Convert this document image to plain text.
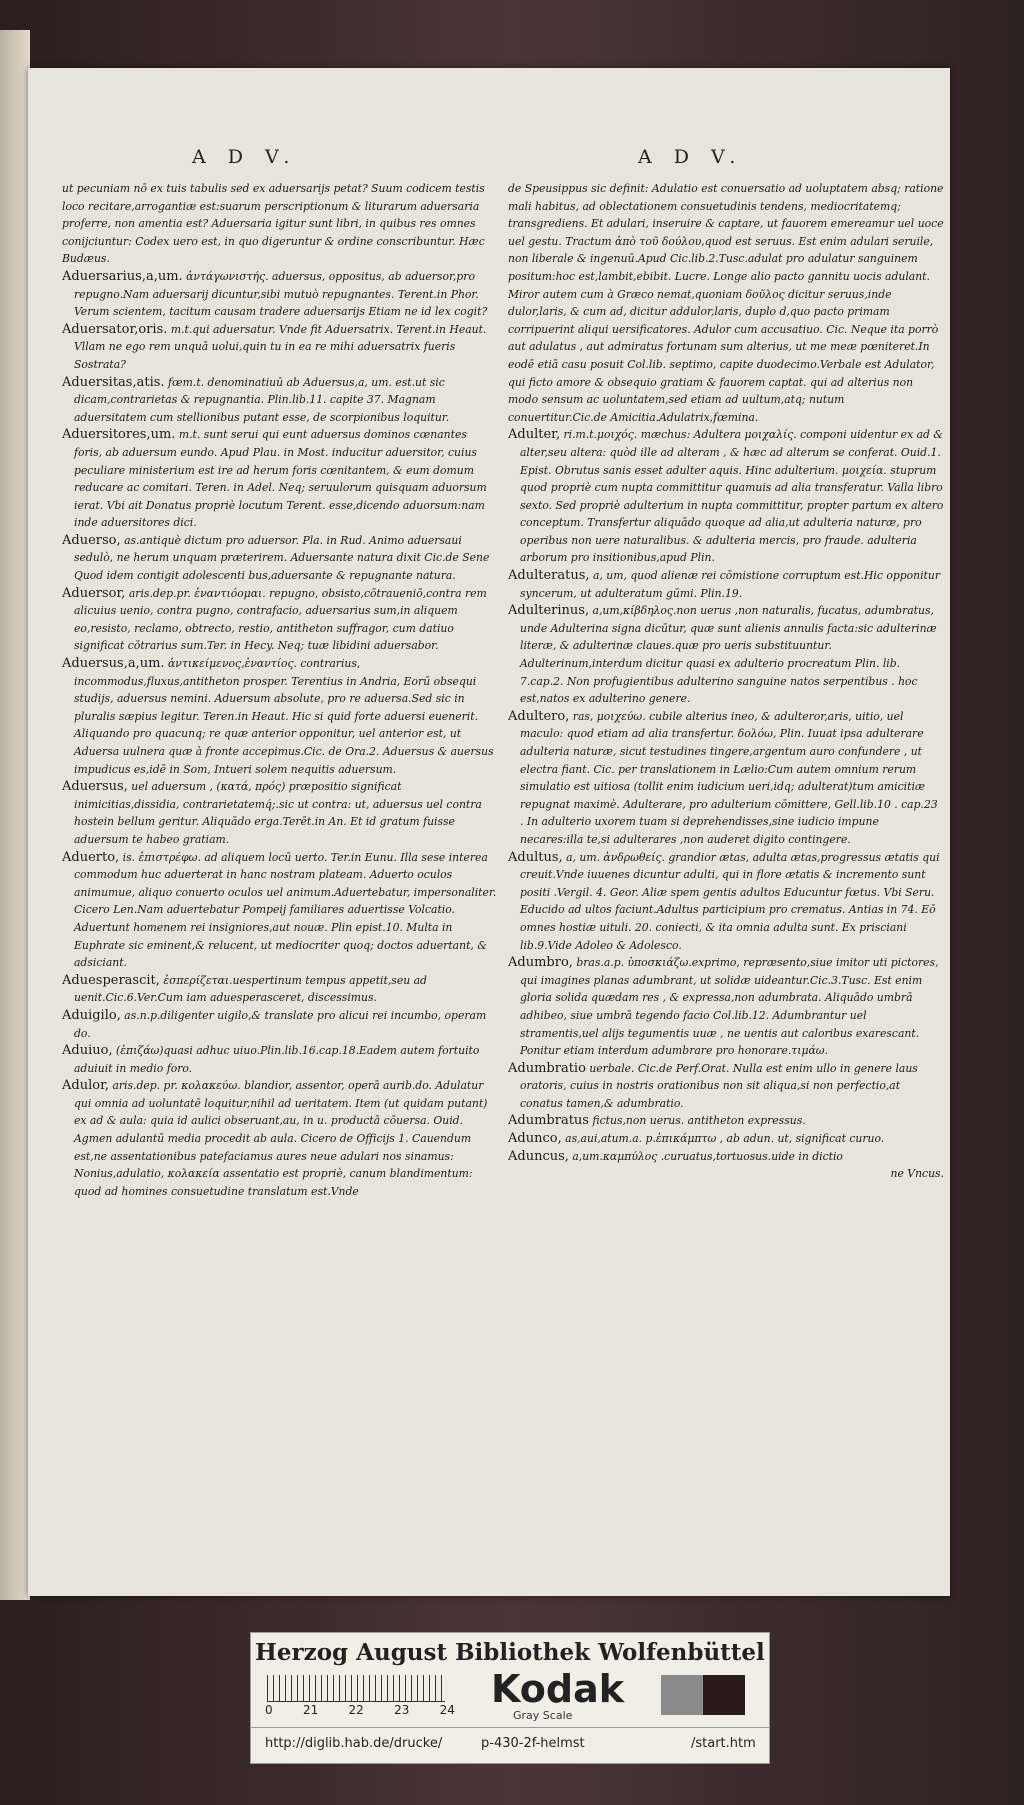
A D V.	A D V.

ut pecuniam nō ex tuis tabulis sed ex aduersarijs petat? Suum codicem testis loco recitare,arrogantiæ est:suarum perscriptionum & liturarum aduersaria proferre, non amentia est? Aduersaria igitur sunt libri, in quibus res omnes conijciuntur: Codex uero est, in quo digeruntur & ordine conscribuntur. Hæc Budæus.

Aduersarius,a,um. ἀντάγωνιστής. aduersus, oppositus, ab aduersor,pro repugno.Nam aduersarij dicuntur,sibi mutuò repugnantes. Terent.in Phor. Verum scientem, tacitum causam tradere aduersarijs Etiam ne id lex cogit?

Aduersator,oris. m.t.qui aduersatur. Vnde fit Aduersatrix. Terent.in Heaut. Vllam ne ego rem unquā uolui,quin tu in ea re mihi aduersatrix fueris Sostrata?

Aduersitas,atis. fœm.t. denominatiuū ab Aduersus,a, um. est.ut sic dicam,contrarietas & repugnantia. Plin.lib.11. capite 37. Magnam aduersitatem cum stellionibus putant esse, de scorpionibus loquitur.

Aduersitores,um. m.t. sunt serui qui eunt aduersus dominos cœnantes foris, ab aduersum eundo. Apud Plau. in Most. inducitur aduersitor, cuius peculiare ministerium est ire ad herum foris cœnitantem, & eum domum reducare ac comitari. Teren. in Adel. Neq; seruulorum quisquam aduorsum ierat. Vbi ait Donatus propriè locutum Terent. esse,dicendo aduorsum:nam inde aduersitores dici.

Aduerso, as.antiquè dictum pro aduersor. Pla. in Rud. Animo aduersaui sedulò, ne herum unquam præterirem. Aduersante natura dixit Cic.de Sene Quod idem contigit adolescenti bus,aduersante & repugnante natura.

Aduersor, aris.dep.pr. ἐναντιόομαι. repugno, obsisto,cōtraueniō,contra rem alicuius uenio, contra pugno, contrafacio, aduersarius sum,in aliquem eo,resisto, reclamo, obtrecto, restio, antitheton suffragor, cum datiuo significat cōtrarius sum.Ter. in Hecy. Neq; tuæ libidini aduersabor.

Aduersus,a,um. ἀντικείμενος,ἐναντίος. contrarius, incommodus,fluxus,antitheton prosper. Terentius in Andria, Eorū obsequi studijs, aduersus nemini. Aduersum absolute, pro re aduersa.Sed sic in pluralis sæpius legitur. Teren.in Heaut. Hic si quid forte aduersi euenerit. Aliquando pro quacunq; re quæ anterior opponitur, uel anterior est, ut Aduersa uulnera quæ à fronte accepimus.Cic. de Ora.2. Aduersus & auersus impudicus es,idē in Som, Intueri solem nequitis aduersum.

Aduersus, uel aduersum , (κατά, πρός) præpositio significat inimicitias,dissidia, contrarietatemq́;.sic ut contra: ut, aduersus uel contra hostein bellum geritur. Aliquādo erga.Terēt.in An. Et id gratum fuisse aduersum te habeo gratiam.

Aduerto, is. ἐπιστρέφω. ad aliquem locū uerto. Ter.in Eunu. Illa sese interea commodum huc aduerterat in hanc nostram plateam. Aduerto oculos animumue, aliquo conuerto oculos uel animum.Aduertebatur, impersonaliter. Cicero Len.Nam aduertebatur Pompeij familiares aduertisse Volcatio. Aduertunt homenem rei insigniores,aut nouæ. Plin epist.10. Multa in Euphrate sic eminent,& relucent, ut mediocriter quoq; doctos aduertant, & adsiciant.

Aduesperascit, ἐσπερίζεται.uespertinum tempus appetit,seu ad uenit.Cic.6.Ver.Cum iam aduesperasceret, discessimus.

Aduigilo, as.n.p.diligenter uigilo,& translate pro alicui rei incumbo, operam do.

Aduiuo, (ἐπιζάω)quasi adhuc uiuo.Plin.lib.16.cap.18.Eadem autem fortuito aduiuit in medio foro.

Adulor, aris.dep. pr. κολακεύω. blandior, assentor, operā aurib.do. Adulatur qui omnia ad uoluntatē loquitur,nihil ad ueritatem. Item (ut quidam putant) ex ad & aula: quia id aulici obseruant,au, in u. productā cōuersa. Ouid. Agmen adulantū media procedit ab aula. Cicero de Officijs 1. Cauendum est,ne assentationibus patefaciamus aures neue adulari nos sinamus: Nonius,adulatio, κολακεία assentatio est propriè, canum blandimentum: quod ad homines consuetudine translatum est.Vnde

de Speusippus sic definit: Adulatio est conuersatio ad uoluptatem absq; ratione mali habitus, ad oblectationem consuetudinis tendens, mediocritatemq; transgrediens. Et adulari, inseruire & captare, ut fauorem emereamur uel uoce uel gestu. Tractum ἀπὸ τοῦ δούλου,quod est seruus. Est enim adulari seruile, non liberale & ingenuū.Apud Cic.lib.2.Tusc.adulat pro adulatur sanguinem positum:hoc est,lambit,ebibit. Lucre. Longe alio pacto gannitu uocis adulant. Miror autem cum à Græco nemat,quoniam δοῦλος dicitur seruus,inde dulor,laris, & cum ad, dicitur addulor,laris, duplo d,quo pacto primam corripuerint aliqui uersificatores. Adulor cum accusatiuo. Cic. Neque ita porrò aut adulatus , aut admiratus fortunam sum alterius, ut me meæ pœniteret.In eodē etiā casu posuit Col.lib. septimo, capite duodecimo.Verbale est Adulator, qui ficto amore & obsequio gratiam & fauorem captat. qui ad alterius non modo sensum ac uoluntatem,sed etiam ad uultum,atq; nutum conuertitur.Cic.de Amicitia.Adulatrix,fœmina.

Adulter, ri.m.t.μοιχός. mæchus: Adultera μοιχαλίς. componi uidentur ex ad & alter,seu altera: quòd ille ad alteram , & hæc ad alterum se conferat. Ouid.1. Epist. Obrutus sanis esset adulter aquis. Hinc adulterium. μοιχεία. stuprum quod propriè cum nupta committitur quamuis ad alia transferatur. Valla libro sexto. Sed propriè adulterium in nupta committitur, propter partum ex altero conceptum. Transfertur aliquādo quoque ad alia,ut adulteria naturæ, pro operibus non uere naturalibus. & adulteria mercis, pro fraude. adulteria arborum pro insitionibus,apud Plin.

Adulteratus, a, um, quod alienæ rei cōmistione corruptum est.Hic opponitur syncerum, ut adulteratum gūmi. Plin.19.

Adulterinus, a,um,κίβδηλος.non uerus ,non naturalis, fucatus, adumbratus, unde Adulterina signa dicūtur, quæ sunt alienis annulis facta:sic adulterinæ literæ, & adulterinæ claues.quæ pro ueris substituuntur. Adulterinum,interdum dicitur quasi ex adulterio procreatum Plin. lib. 7.cap.2. Non profugientibus adulterino sanguine natos serpentibus . hoc est,natos ex adulterino genere.

Adultero, ras, μοιχεύω. cubile alterius ineo, & adulteror,aris, uitio, uel maculo: quod etiam ad alia transfertur. δολόω, Plin. Iuuat ipsa adulterare adulteria naturæ, sicut testudines tingere,argentum auro confundere , ut electra fiant. Cic. per translationem in Lælio:Cum autem omnium rerum simulatio est uitiosa (tollit enim iudicium ueri,idq; adulterat)tum amicitiæ repugnat maximè. Adulterare, pro adulterium cōmittere, Gell.lib.10 . cap.23 . In adulterio uxorem tuam si deprehendisses,sine iudicio impune necares:illa te,si adulterares ,non auderet digito contingere.

Adultus, a, um. ἀνδρωθείς. grandior ætas, adulta ætas,progressus ætatis qui creuit.Vnde iuuenes dicuntur adulti, qui in flore ætatis & incremento sunt positi .Vergil. 4. Geor. Aliæ spem gentis adultos Educuntur fœtus. Vbi Seru. Educido ad ultos faciunt.Adultus participium pro crematus. Antias in 74. Eō omnes hostiæ uituli. 20. coniecti, & ita omnia adulta sunt. Ex prisciani lib.9.Vide Adoleo & Adolesco.

Adumbro, bras.a.p. ὑποσκιάζω.exprimo, repræsento,siue imitor uti pictores, qui imagines planas adumbrant, ut solidæ uideantur.Cic.3.Tusc. Est enim gloria solida quædam res , & expressa,non adumbrata. Aliquādo umbrā adhibeo, siue umbrā tegendo facio Col.lib.12. Adumbrantur uel stramentis,uel alijs tegumentis uuæ , ne uentis aut caloribus exarescant. Ponitur etiam interdum adumbrare pro honorare.τιμάω.

Adumbratio uerbale. Cic.de Perf.Orat. Nulla est enim ullo in genere laus oratoris, cuius in nostris orationibus non sit aliqua,si non perfectio,at conatus tamen,& adumbratio.

Adumbratus fictus,non uerus. antitheton expressus.

Adunco, as,aui,atum.a. p.ἐπικάμπτω , ab adun. ut, significat curuo.

Aduncus, a,um.καμπύλος .curuatus,tortuosus.uide in dictio

ne Vncus.

Herzog August Bibliothek Wolfenbüttel
0	21	22	23	24 Kodak
Gray Scale
http://diglib.hab.de/drucke/	p-430-2f-helmst	/start.htm
